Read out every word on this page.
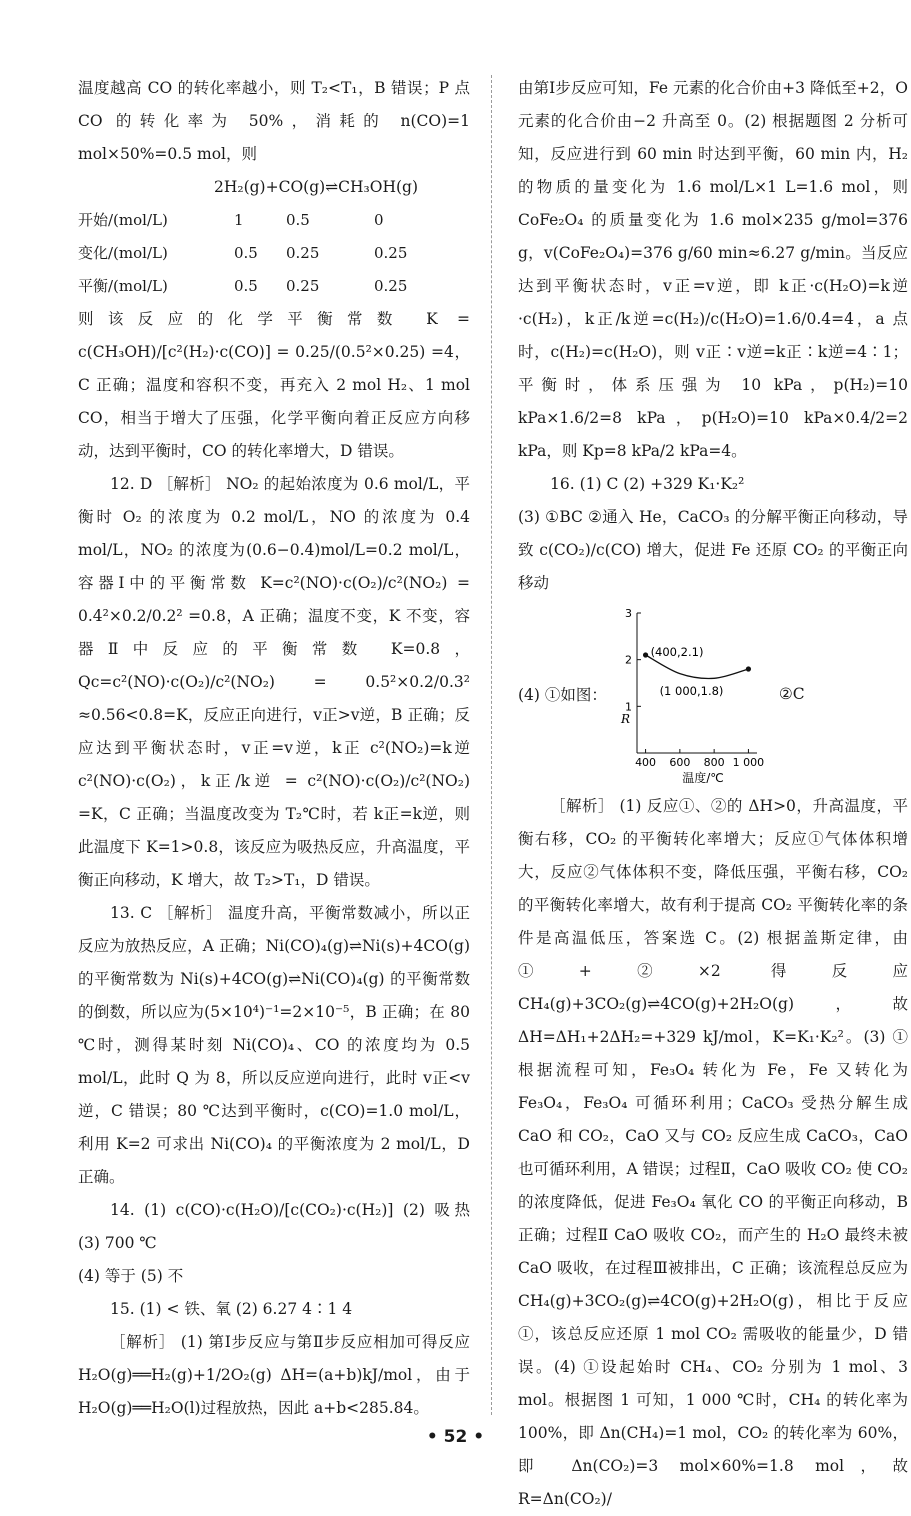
温度越高 CO 的转化率越小，则 T₂<T₁，B 错误；P 点 CO 的转化率为 50%，消耗的 n(CO)=1 mol×50%=0.5 mol，则

2H₂(g)+CO(g)⇌CH₃OH(g)
开始/(mol/L)	1	0.5	0
变化/(mol/L)	0.5	0.25	0.25
平衡/(mol/L)	0.5	0.25	0.25

则该反应的化学平衡常数 K = c(CH₃OH)/[c²(H₂)·c(CO)] = 0.25/(0.5²×0.25) =4，C 正确；温度和容积不变，再充入 2 mol H₂、1 mol CO，相当于增大了压强，化学平衡向着正反应方向移动，达到平衡时，CO 的转化率增大，D 错误。

12. D ［解析］ NO₂ 的起始浓度为 0.6 mol/L，平衡时 O₂ 的浓度为 0.2 mol/L，NO 的浓度为 0.4 mol/L，NO₂ 的浓度为(0.6−0.4)mol/L=0.2 mol/L，容器Ⅰ中的平衡常数 K=c²(NO)·c(O₂)/c²(NO₂) = 0.4²×0.2/0.2² =0.8，A 正确；温度不变，K 不变，容器Ⅱ中反应的平衡常数 K=0.8，Qc=c²(NO)·c(O₂)/c²(NO₂) = 0.5²×0.2/0.3² ≈0.56<0.8=K，反应正向进行，v正>v逆，B 正确；反应达到平衡状态时，v正=v逆，k正 c²(NO₂)=k逆 c²(NO)·c(O₂)，k正/k逆 = c²(NO)·c(O₂)/c²(NO₂) =K，C 正确；当温度改变为 T₂℃时，若 k正=k逆，则此温度下 K=1>0.8，该反应为吸热反应，升高温度，平衡正向移动，K 增大，故 T₂>T₁，D 错误。

13. C ［解析］ 温度升高，平衡常数减小，所以正反应为放热反应，A 正确；Ni(CO)₄(g)⇌Ni(s)+4CO(g) 的平衡常数为 Ni(s)+4CO(g)⇌Ni(CO)₄(g) 的平衡常数的倒数，所以应为(5×10⁴)⁻¹=2×10⁻⁵，B 正确；在 80 ℃时，测得某时刻 Ni(CO)₄、CO 的浓度均为 0.5 mol/L，此时 Q 为 8，所以反应逆向进行，此时 v正<v逆，C 错误；80 ℃达到平衡时，c(CO)=1.0 mol/L，利用 K=2 可求出 Ni(CO)₄ 的平衡浓度为 2 mol/L，D 正确。

14. (1) c(CO)·c(H₂O)/[c(CO₂)·c(H₂)] (2) 吸热 (3) 700 ℃

(4) 等于 (5) 不

15. (1) < 铁、氧 (2) 6.27 4∶1 4

［解析］ (1) 第Ⅰ步反应与第Ⅱ步反应相加可得反应 H₂O(g)══H₂(g)+1/2O₂(g) ΔH=(a+b)kJ/mol，由于 H₂O(g)══H₂O(l)过程放热，因此 a+b<285.84。

由第Ⅰ步反应可知，Fe 元素的化合价由+3 降低至+2，O 元素的化合价由−2 升高至 0。(2) 根据题图 2 分析可知，反应进行到 60 min 时达到平衡，60 min 内，H₂ 的物质的量变化为 1.6 mol/L×1 L=1.6 mol，则 CoFe₂O₄ 的质量变化为 1.6 mol×235 g/mol=376 g，v(CoFe₂O₄)=376 g/60 min≈6.27 g/min。当反应达到平衡状态时，v正=v逆，即 k正·c(H₂O)=k逆·c(H₂)，k正/k逆=c(H₂)/c(H₂O)=1.6/0.4=4，a 点时，c(H₂)=c(H₂O)，则 v正∶v逆=k正∶k逆=4∶1；平衡时，体系压强为 10 kPa，p(H₂)=10 kPa×1.6/2=8 kPa，p(H₂O)=10 kPa×0.4/2=2 kPa，则 Kp=8 kPa/2 kPa=4。

16. (1) C (2) +329 K₁·K₂²

(3) ①BC ②通入 He，CaCO₃ 的分解平衡正向移动，导致 c(CO₂)/c(CO) 增大，促进 Fe 还原 CO₂ 的平衡正向移动

(4) ①如图：
1
2
3
400 600 800 1 000
R
温度/℃
(400,2.1)
(1 000,1.8)	②C

［解析］ (1) 反应①、②的 ΔH>0，升高温度，平衡右移，CO₂ 的平衡转化率增大；反应①气体体积增大，反应②气体体积不变，降低压强，平衡右移，CO₂ 的平衡转化率增大，故有利于提高 CO₂ 平衡转化率的条件是高温低压，答案选 C。(2) 根据盖斯定律，由①+②×2 得反应 CH₄(g)+3CO₂(g)⇌4CO(g)+2H₂O(g)，故 ΔH=ΔH₁+2ΔH₂=+329 kJ/mol，K=K₁·K₂²。(3) ①根据流程可知，Fe₃O₄ 转化为 Fe，Fe 又转化为 Fe₃O₄，Fe₃O₄ 可循环利用；CaCO₃ 受热分解生成 CaO 和 CO₂，CaO 又与 CO₂ 反应生成 CaCO₃，CaO 也可循环利用，A 错误；过程Ⅱ，CaO 吸收 CO₂ 使 CO₂ 的浓度降低，促进 Fe₃O₄ 氧化 CO 的平衡正向移动，B 正确；过程Ⅱ CaO 吸收 CO₂，而产生的 H₂O 最终未被 CaO 吸收，在过程Ⅲ被排出，C 正确；该流程总反应为 CH₄(g)+3CO₂(g)⇌4CO(g)+2H₂O(g)，相比于反应①，该总反应还原 1 mol CO₂ 需吸收的能量少，D 错误。(4) ①设起始时 CH₄、CO₂ 分别为 1 mol、3 mol。根据图 1 可知，1 000 ℃时，CH₄ 的转化率为 100%，即 Δn(CH₄)=1 mol，CO₂ 的转化率为 60%，即 Δn(CO₂)=3 mol×60%=1.8 mol，故 R=Δn(CO₂)/

• 52 •
